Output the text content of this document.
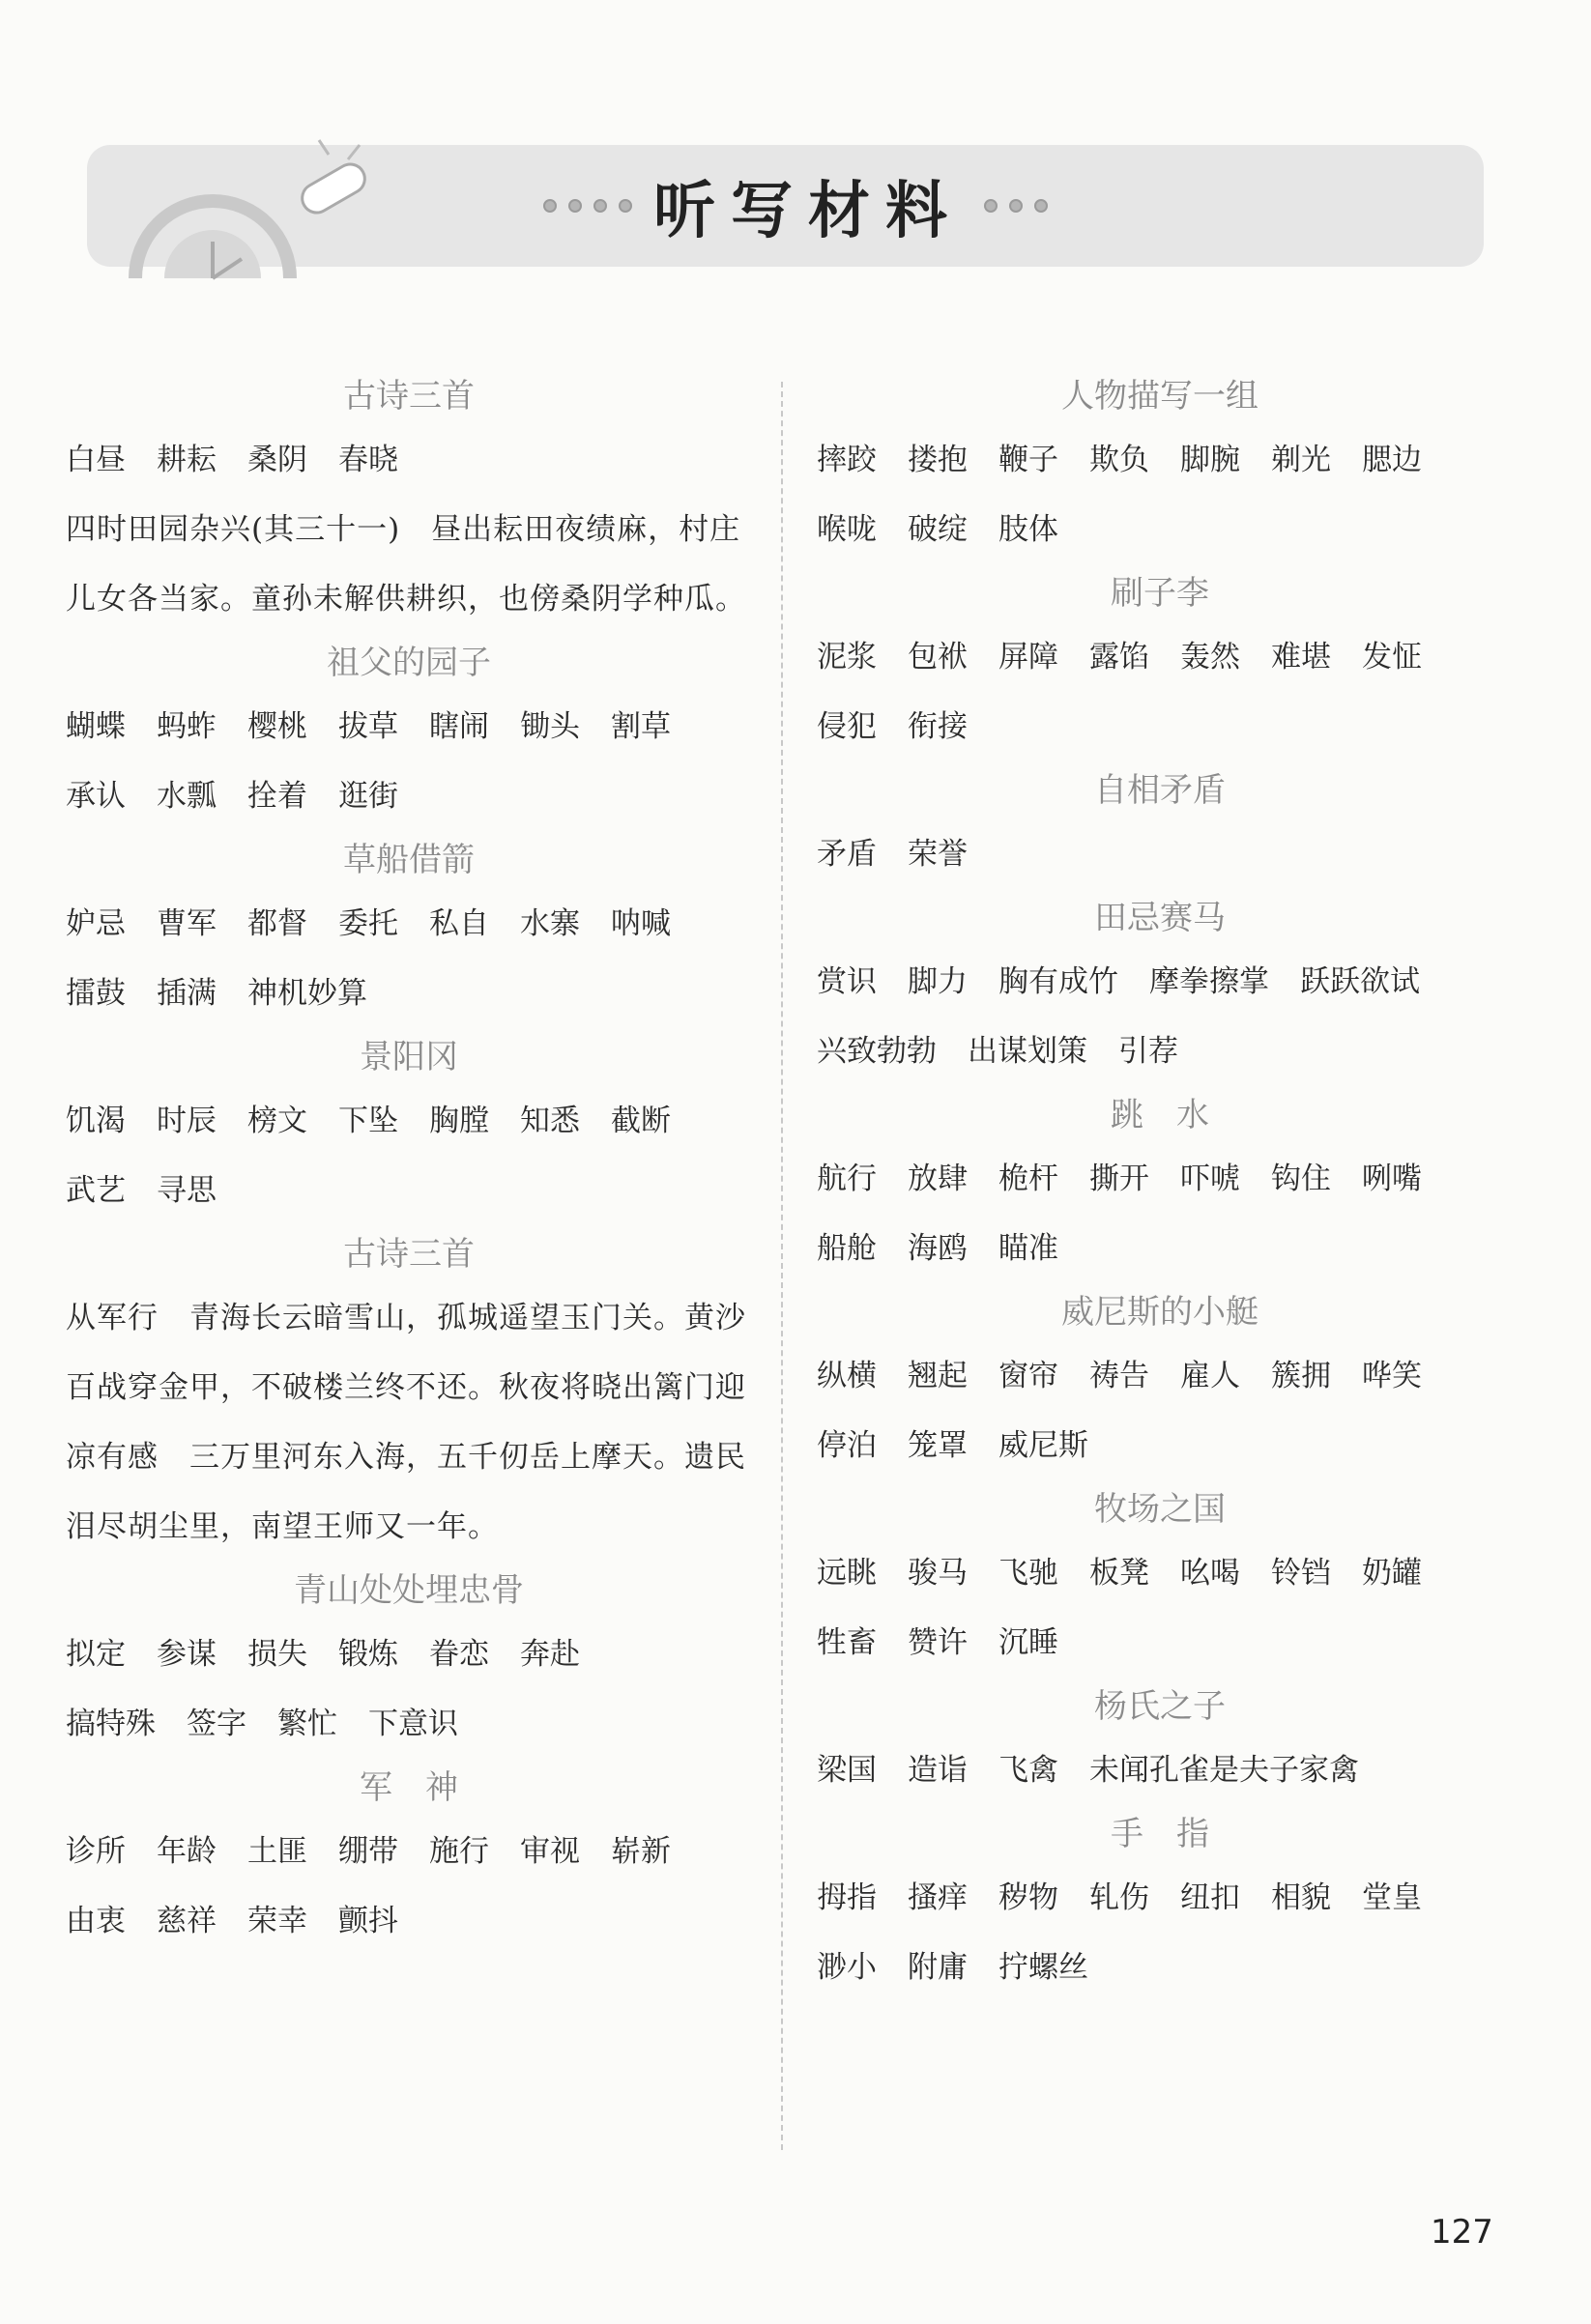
听写材料
古诗三首
白昼 耕耘 桑阴 春晓
四时田园杂兴(其三十一)　昼出耘田夜绩麻，村庄儿女各当家。童孙未解供耕织，也傍桑阴学种瓜。
祖父的园子
蝴蝶 蚂蚱 樱桃 拔草 瞎闹 锄头 割草
承认 水瓢 拴着 逛街
草船借箭
妒忌 曹军 都督 委托 私自 水寨 呐喊
擂鼓 插满 神机妙算
景阳冈
饥渴 时辰 榜文 下坠 胸膛 知悉 截断
武艺 寻思
古诗三首
从军行　青海长云暗雪山，孤城遥望玉门关。黄沙百战穿金甲，不破楼兰终不还。秋夜将晓出篱门迎凉有感　三万里河东入海，五千仞岳上摩天。遗民泪尽胡尘里，南望王师又一年。
青山处处埋忠骨
拟定 参谋 损失 锻炼 眷恋 奔赴
搞特殊 签字 繁忙 下意识
军　神
诊所 年龄 土匪 绷带 施行 审视 崭新
由衷 慈祥 荣幸 颤抖
人物描写一组
摔跤 搂抱 鞭子 欺负 脚腕 剃光 腮边
喉咙 破绽 肢体
刷子李
泥浆 包袱 屏障 露馅 轰然 难堪 发怔
侵犯 衔接
自相矛盾
矛盾 荣誉
田忌赛马
赏识 脚力 胸有成竹 摩拳擦掌 跃跃欲试
兴致勃勃 出谋划策 引荐
跳　水
航行 放肆 桅杆 撕开 吓唬 钩住 咧嘴
船舱 海鸥 瞄准
威尼斯的小艇
纵横 翘起 窗帘 祷告 雇人 簇拥 哗笑
停泊 笼罩 威尼斯
牧场之国
远眺 骏马 飞驰 板凳 吆喝 铃铛 奶罐
牲畜 赞许 沉睡
杨氏之子
梁国 造诣 飞禽 未闻孔雀是夫子家禽
手　指
拇指 搔痒 秽物 轧伤 纽扣 相貌 堂皇
渺小 附庸 拧螺丝
127
